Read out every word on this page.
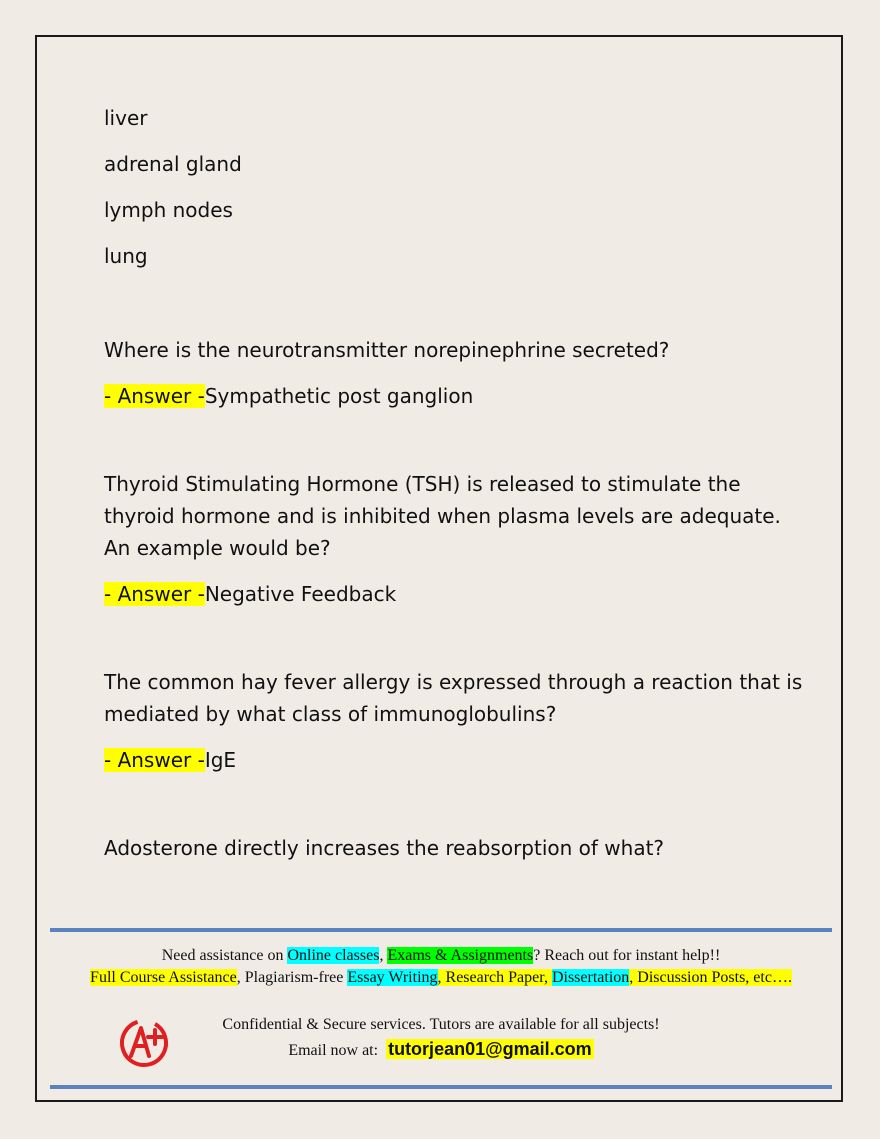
liver

adrenal gland

lymph nodes

lung

Where is the neurotransmitter norepinephrine secreted?

- Answer -Sympathetic post ganglion

Thyroid Stimulating Hormone (TSH) is released to stimulate the thyroid hormone and is inhibited when plasma levels are adequate. An example would be?

- Answer -Negative Feedback

The common hay fever allergy is expressed through a reaction that is mediated by what class of immunoglobulins?

- Answer -IgE

Adosterone directly increases the reabsorption of what?

Need assistance on Online classes, Exams & Assignments? Reach out for instant help!!
Full Course Assistance, Plagiarism-free Essay Writing, Research Paper, Dissertation, Discussion Posts, etc….
Confidential & Secure services. Tutors are available for all subjects!
Email now at: tutorjean01@gmail.com
